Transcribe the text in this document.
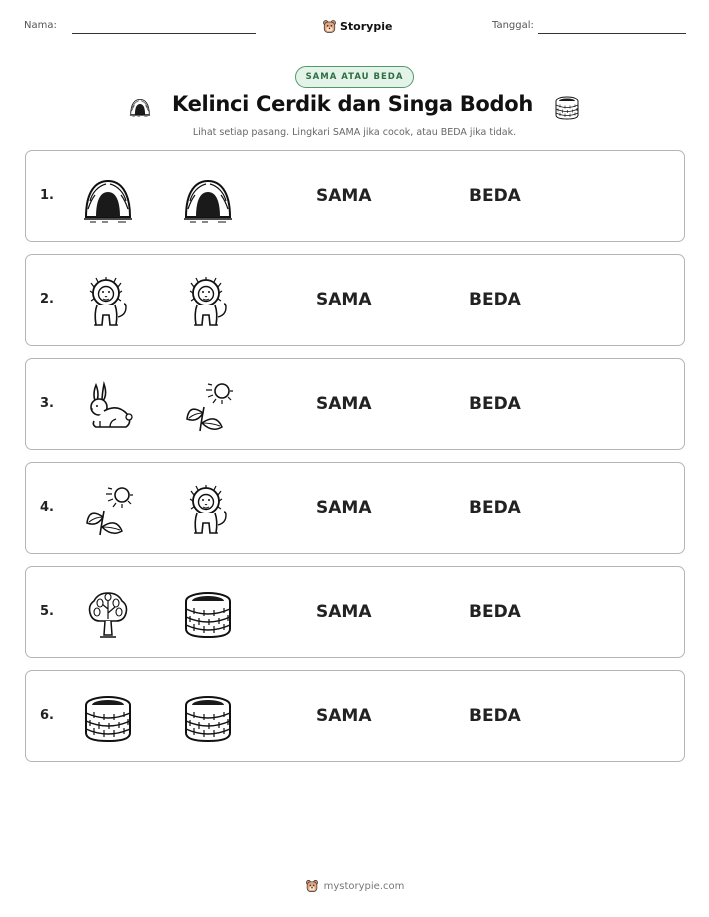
Nama:	Storypie	Tanggal:
SAMA ATAU BEDA
Kelinci Cerdik dan Singa Bodoh

Lihat setiap pasang. Lingkari SAMA jika cocok, atau BEDA jika tidak.

1.	SAMA	BEDA
2.	SAMA	BEDA
3.	SAMA	BEDA
4.	SAMA	BEDA
5.	SAMA	BEDA
6.	SAMA	BEDA
mystorypie.com
